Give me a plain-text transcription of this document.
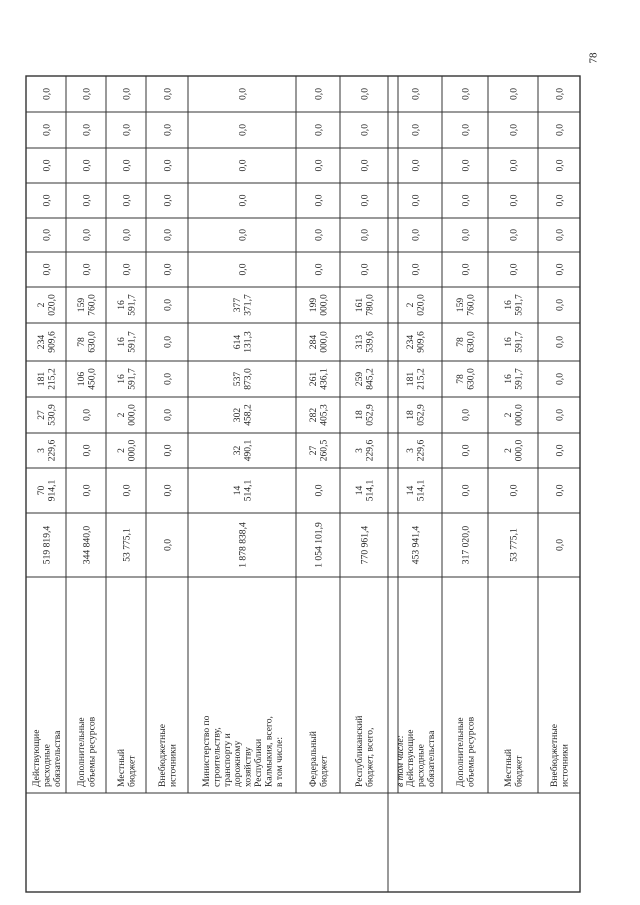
78
Действующие расходные обязательства
519 819,4
70 914,1
3 229,6
27 530,9
181 215,2
234 909,6
2 020,0
0,0
0,0
0,0
0,0
0,0
0,0
Дополнительные объемы ресурсов
344 840,0
0,0
0,0
0,0
106 450,0
78 630,0
159 760,0
0,0
0,0
0,0
0,0
0,0
0,0
Местный бюджет
53 775,1
0,0
2 000,0
2 000,0
16 591,7
16 591,7
16 591,7
0,0
0,0
0,0
0,0
0,0
0,0
Внебюджетные источники
0,0
0,0
0,0
0,0
0,0
0,0
0,0
0,0
0,0
0,0
0,0
0,0
0,0
Министерство по строительству, транспорту и дорожному хозяйству Республики Калмыкия, всего, в том числе:
1 878 838,4
14 514,1
32 490,1
302 458,2
537 873,0
614 131,3
377 371,7
0,0
0,0
0,0
0,0
0,0
0,0
Федеральный бюджет
1 054 101,9
0,0
27 260,5
282 405,3
261 436,1
284 000,0
199 000,0
0,0
0,0
0,0
0,0
0,0
0,0
Республиканский бюджет, всего,
770 961,4
14 514,1
3 229,6
18 052,9
259 845,2
313 539,6
161 780,0
0,0
0,0
0,0
0,0
0,0
0,0
в том числе: Действующие расходные обязательства
453 941,4
14 514,1
3 229,6
18 052,9
181 215,2
234 909,6
2 020,0
0,0
0,0
0,0
0,0
0,0
0,0
Дополнительные объемы ресурсов
317 020,0
0,0
0,0
0,0
78 630,0
78 630,0
159 760,0
0,0
0,0
0,0
0,0
0,0
0,0
Местный бюджет
53 775,1
0,0
2 000,0
2 000,0
16 591,7
16 591,7
16 591,7
0,0
0,0
0,0
0,0
0,0
0,0
Внебюджетные источники
0,0
0,0
0,0
0,0
0,0
0,0
0,0
0,0
0,0
0,0
0,0
0,0
0,0
